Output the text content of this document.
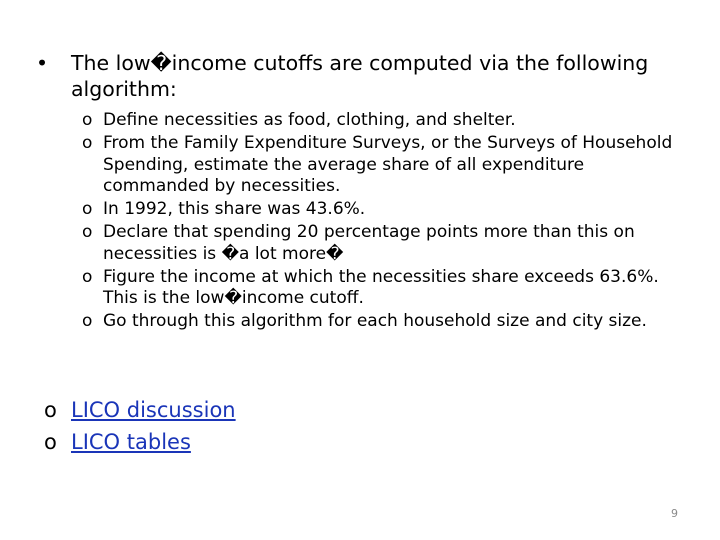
• The low�income cutoffs are computed via the following algorithm:
o Define necessities as food, clothing, and shelter.
o From the Family Expenditure Surveys, or the Surveys of Household Spending, estimate the average share of all expenditure commanded by necessities.
o In 1992, this share was 43.6%.
o Declare that spending 20 percentage points more than this on necessities is �a lot more�
o Figure the income at which the necessities share exceeds 63.6%. This is the low�income cutoff.
o Go through this algorithm for each household size and city size.
o LICO discussion
o LICO tables
9
